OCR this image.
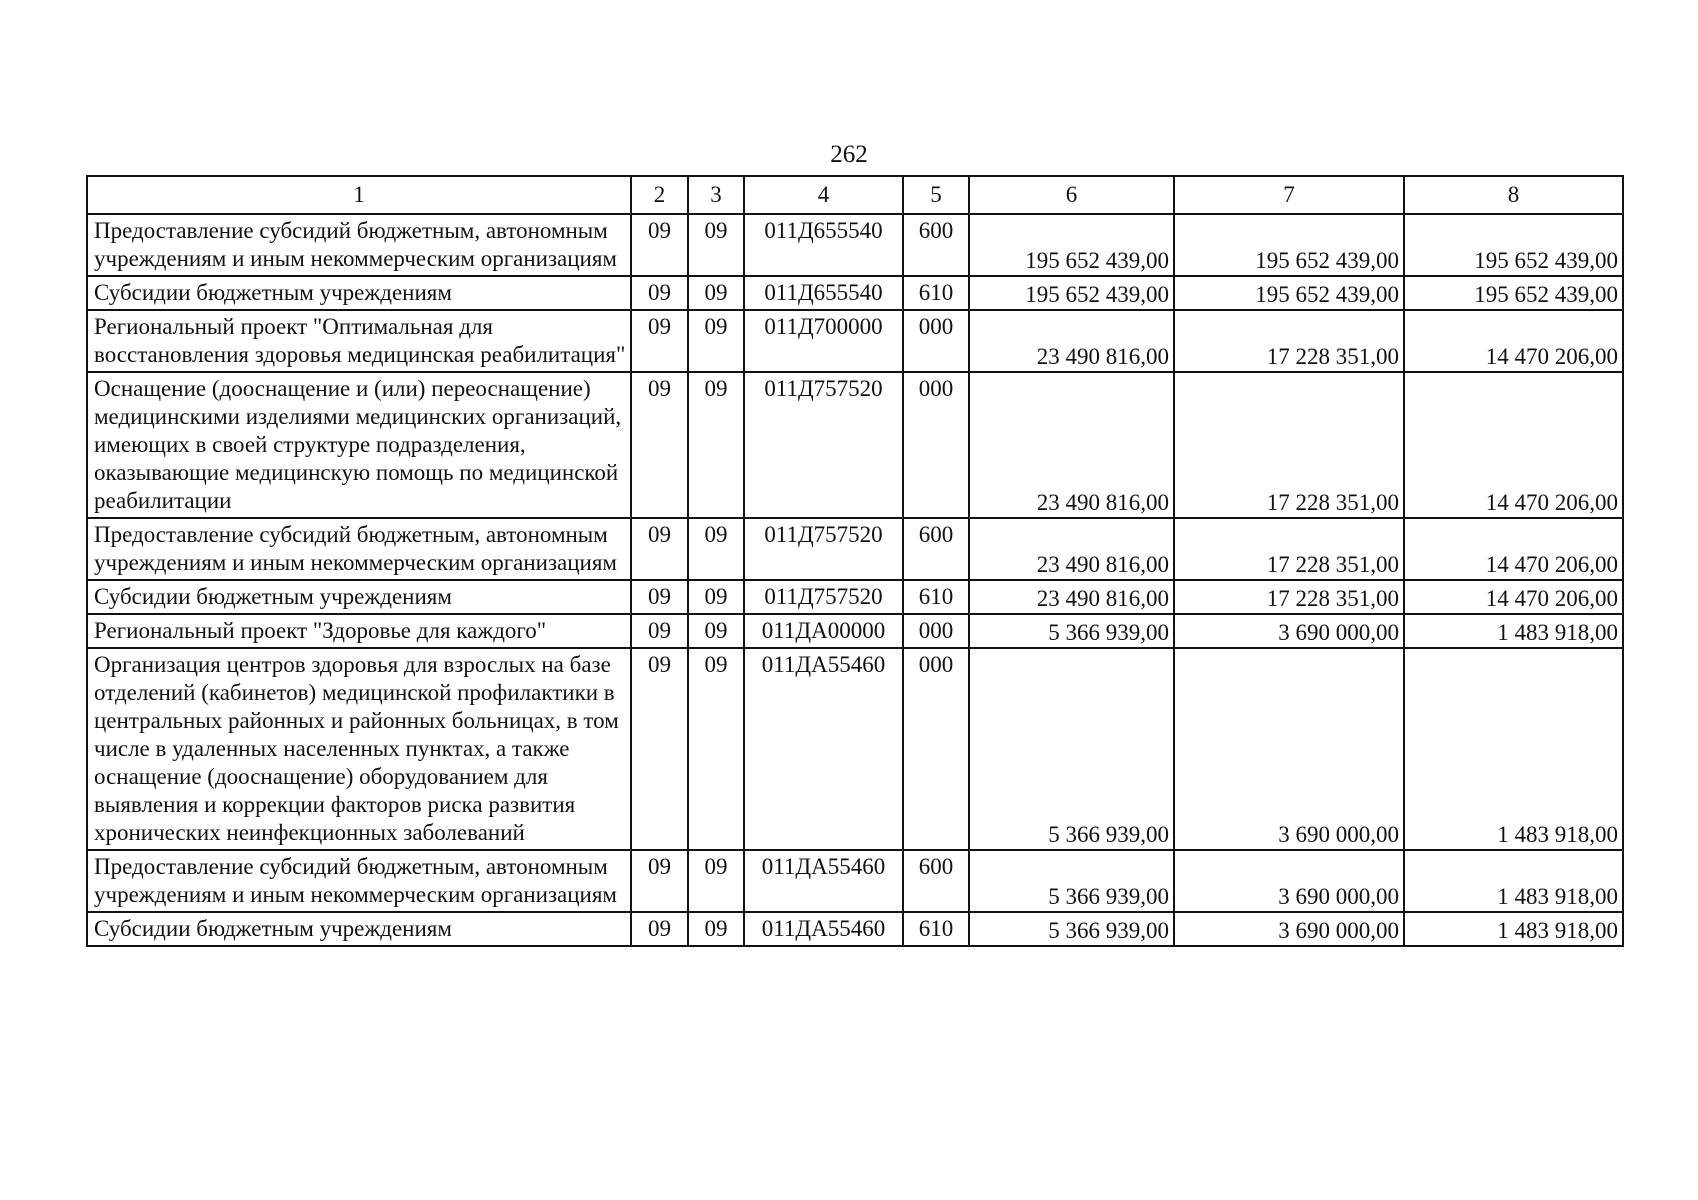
262
1	2	3	4	5	6	7	8
Предоставление субсидий бюджетным, автономным учреждениям и иным некоммерческим организациям	09	09	011Д655540	600	195 652 439,00	195 652 439,00	195 652 439,00
Субсидии бюджетным учреждениям	09	09	011Д655540	610	195 652 439,00	195 652 439,00	195 652 439,00
Региональный проект "Оптимальная для восстановления здоровья медицинская реабилитация"	09	09	011Д700000	000	23 490 816,00	17 228 351,00	14 470 206,00
Оснащение (дооснащение и (или) переоснащение) медицинскими изделиями медицинских организаций, имеющих в своей структуре подразделения, оказывающие медицинскую помощь по медицинской реабилитации	09	09	011Д757520	000	23 490 816,00	17 228 351,00	14 470 206,00
Предоставление субсидий бюджетным, автономным учреждениям и иным некоммерческим организациям	09	09	011Д757520	600	23 490 816,00	17 228 351,00	14 470 206,00
Субсидии бюджетным учреждениям	09	09	011Д757520	610	23 490 816,00	17 228 351,00	14 470 206,00
Региональный проект "Здоровье для каждого"	09	09	011ДА00000	000	5 366 939,00	3 690 000,00	1 483 918,00
Организация центров здоровья для взрослых на базе отделений (кабинетов) медицинской профилактики в центральных районных и районных больницах, в том числе в удаленных населенных пунктах, а также оснащение (дооснащение) оборудованием для выявления и коррекции факторов риска развития хронических неинфекционных заболеваний	09	09	011ДА55460	000	5 366 939,00	3 690 000,00	1 483 918,00
Предоставление субсидий бюджетным, автономным учреждениям и иным некоммерческим организациям	09	09	011ДА55460	600	5 366 939,00	3 690 000,00	1 483 918,00
Субсидии бюджетным учреждениям	09	09	011ДА55460	610	5 366 939,00	3 690 000,00	1 483 918,00
